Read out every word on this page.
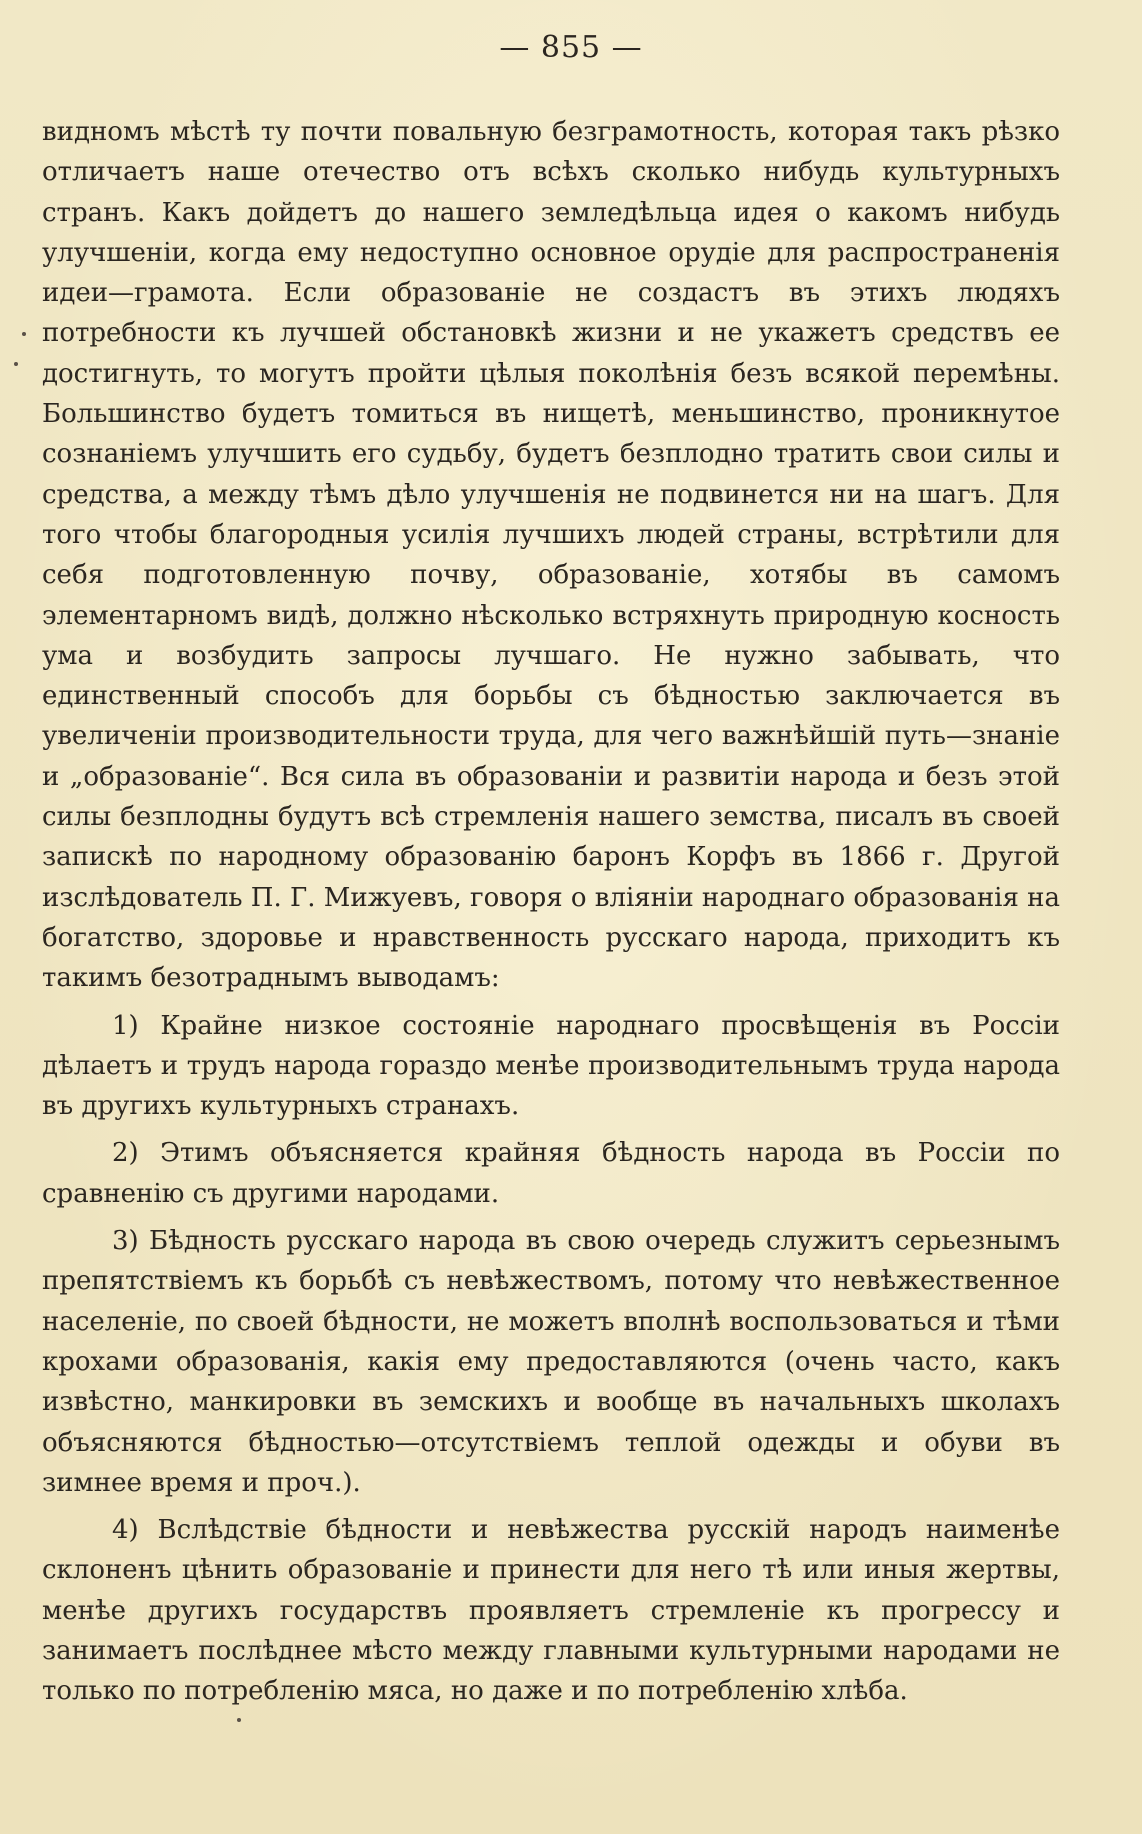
— 855 —

видномъ мѣстѣ ту почти повальную безграмотность, которая такъ рѣзко отличаетъ наше отечество отъ всѣхъ сколько нибудь культурныхъ странъ. Какъ дойдетъ до нашего земледѣльца идея о какомъ нибудь улучшеніи, когда ему недоступно основное орудіе для распространенія идеи—грамота. Если образованіе не создастъ въ этихъ людяхъ потребности къ лучшей обстановкѣ жизни и не укажетъ средствъ ее достигнуть, то могутъ пройти цѣлыя поколѣнія безъ всякой перемѣны. Большинство будетъ томиться въ нищетѣ, меньшинство, проникнутое сознаніемъ улучшить его судьбу, будетъ безплодно тратить свои силы и средства, а между тѣмъ дѣло улучшенія не подвинется ни на шагъ. Для того чтобы благородныя усилія лучшихъ людей страны, встрѣтили для себя подготовленную почву, образованіе, хотябы въ самомъ элементарномъ видѣ, должно нѣсколько встряхнуть природную косность ума и возбудить запросы лучшаго. Не нужно забывать, что единственный способъ для борьбы съ бѣдностью заключается въ увеличеніи производительности труда, для чего важнѣйшій путь—знаніе и „образованіе“. Вся сила въ образованіи и развитіи народа и безъ этой силы безплодны будутъ всѣ стремленія нашего земства, писалъ въ своей запискѣ по народному образованію баронъ Корфъ въ 1866 г. Другой изслѣдователь П. Г. Мижуевъ, говоря о вліяніи народнаго образованія на богатство, здоровье и нравственность русскаго народа, приходитъ къ такимъ безотраднымъ выводамъ:

1) Крайне низкое состояніе народнаго просвѣщенія въ Россіи дѣлаетъ и трудъ народа гораздо менѣе производительнымъ труда народа въ другихъ культурныхъ странахъ.

2) Этимъ объясняется крайняя бѣдность народа въ Россіи по сравненію съ другими народами.

3) Бѣдность русскаго народа въ свою очередь служитъ серьезнымъ препятствіемъ къ борьбѣ съ невѣжествомъ, потому что невѣжественное населеніе, по своей бѣдности, не можетъ вполнѣ воспользоваться и тѣми крохами образованія, какія ему предоставляются (очень часто, какъ извѣстно, манкировки въ земскихъ и вообще въ начальныхъ школахъ объясняются бѣдностью—отсутствіемъ теплой одежды и обуви въ зимнее время и проч.).

4) Вслѣдствіе бѣдности и невѣжества русскій народъ наименѣе склоненъ цѣнить образованіе и принести для него тѣ или иныя жертвы, менѣе другихъ государствъ проявляетъ стремленіе къ прогрессу и занимаетъ послѣднее мѣсто между главными культурными народами не только по потребленію мяса, но даже и по потребленію хлѣба.
